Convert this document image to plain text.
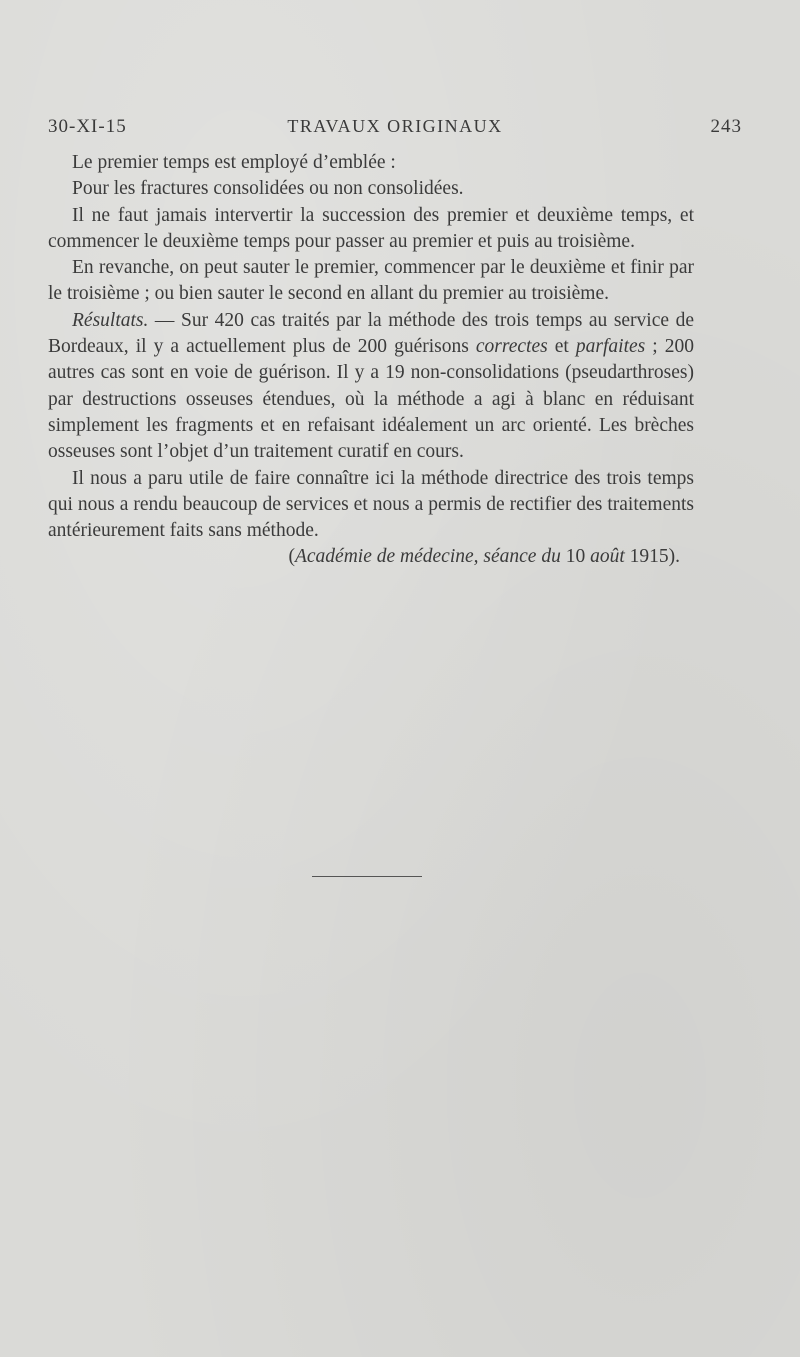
30-XI-15	TRAVAUX ORIGINAUX	243

Le premier temps est employé d’emblée :

Pour les fractures consolidées ou non consolidées.

Il ne faut jamais intervertir la succession des premier et deuxième temps, et commencer le deuxième temps pour passer au premier et puis au troisième.

En revanche, on peut sauter le premier, commencer par le deuxième et finir par le troisième ; ou bien sauter le second en allant du premier au troisième.

Résultats. — Sur 420 cas traités par la méthode des trois temps au service de Bordeaux, il y a actuellement plus de 200 guérisons correctes et parfaites ; 200 autres cas sont en voie de guérison. Il y a 19 non-consolidations (pseudarthroses) par destructions osseuses étendues, où la méthode a agi à blanc en réduisant simplement les fragments et en refaisant idéalement un arc orienté. Les brèches osseuses sont l’objet d’un traitement curatif en cours.

Il nous a paru utile de faire connaître ici la méthode directrice des trois temps qui nous a rendu beaucoup de services et nous a permis de rectifier des traitements antérieurement faits sans méthode.

(Académie de médecine, séance du 10 août 1915).
